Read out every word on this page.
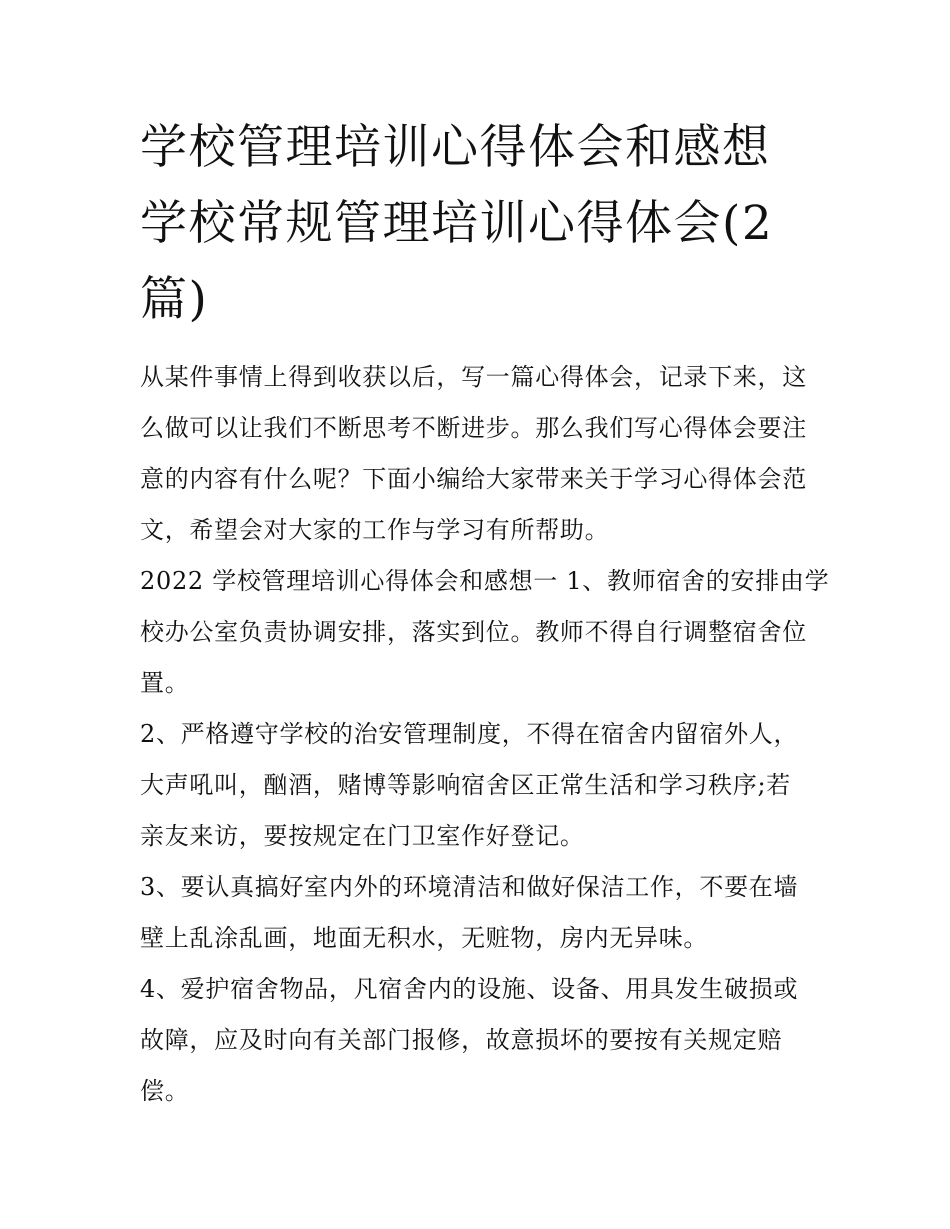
学校管理培训心得体会和感想
学校常规管理培训心得体会(2
篇)
从某件事情上得到收获以后，写一篇心得体会，记录下来，这
么做可以让我们不断思考不断进步。那么我们写心得体会要注
意的内容有什么呢？下面小编给大家带来关于学习心得体会范
文，希望会对大家的工作与学习有所帮助。
2022 学校管理培训心得体会和感想一 1、教师宿舍的安排由学
校办公室负责协调安排，落实到位。教师不得自行调整宿舍位
置。
2、严格遵守学校的治安管理制度，不得在宿舍内留宿外人，
大声吼叫，酗酒，赌博等影响宿舍区正常生活和学习秩序;若
亲友来访，要按规定在门卫室作好登记。
3、要认真搞好室内外的环境清洁和做好保洁工作，不要在墙
壁上乱涂乱画，地面无积水，无赃物，房内无异味。
4、爱护宿舍物品，凡宿舍内的设施、设备、用具发生破损或
故障，应及时向有关部门报修，故意损坏的要按有关规定赔
偿。
